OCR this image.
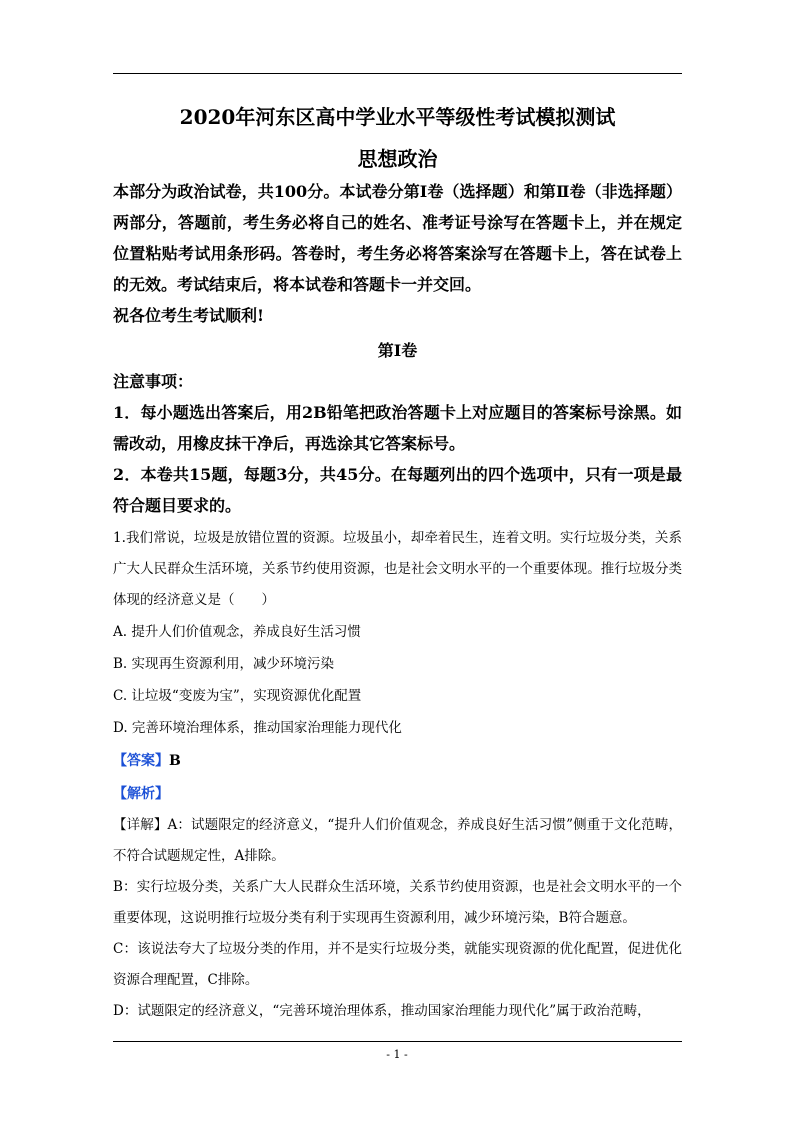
2020年河东区高中学业水平等级性考试模拟测试

思想政治

本部分为政治试卷，共100分。本试卷分第Ⅰ卷（选择题）和第Ⅱ卷（非选择题）两部分，答题前，考生务必将自己的姓名、准考证号涂写在答题卡上，并在规定位置粘贴考试用条形码。答卷时，考生务必将答案涂写在答题卡上，答在试卷上的无效。考试结束后，将本试卷和答题卡一并交回。

祝各位考生考试顺利!

第Ⅰ卷

注意事项：

1．每小题选出答案后，用2B铅笔把政治答题卡上对应题目的答案标号涂黑。如需改动，用橡皮抹干净后，再选涂其它答案标号。

2．本卷共15题，每题3分，共45分。在每题列出的四个选项中，只有一项是最符合题目要求的。

1.我们常说，垃圾是放错位置的资源。垃圾虽小，却牵着民生，连着文明。实行垃圾分类，关系广大人民群众生活环境，关系节约使用资源，也是社会文明水平的一个重要体现。推行垃圾分类体现的经济意义是（　　）

A. 提升人们价值观念，养成良好生活习惯

B. 实现再生资源利用，减少环境污染

C. 让垃圾“变废为宝”，实现资源优化配置

D. 完善环境治理体系，推动国家治理能力现代化

【答案】B

【解析】

【详解】A：试题限定的经济意义，“提升人们价值观念，养成良好生活习惯”侧重于文化范畴，不符合试题规定性，A排除。

B：实行垃圾分类，关系广大人民群众生活环境，关系节约使用资源，也是社会文明水平的一个重要体现，这说明推行垃圾分类有利于实现再生资源利用，减少环境污染，B符合题意。

C：该说法夸大了垃圾分类的作用，并不是实行垃圾分类，就能实现资源的优化配置，促进优化资源合理配置，C排除。

D：试题限定的经济意义，“完善环境治理体系，推动国家治理能力现代化”属于政治范畴，

- 1 -
